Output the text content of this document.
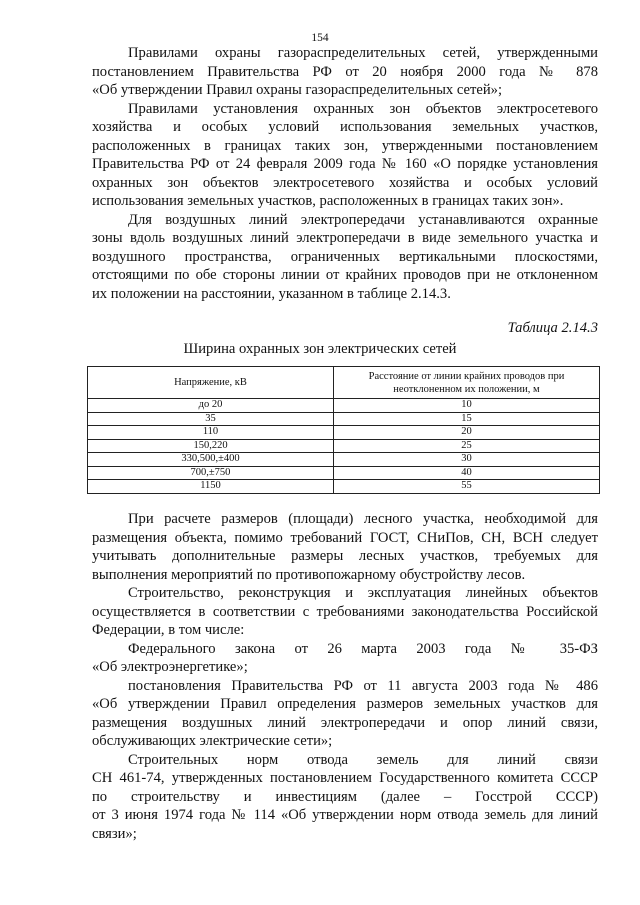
154

Правилами охраны газораспределительных сетей, утвержденными
постановлением Правительства РФ от 20 ноября 2000 года № 878
«Об утверждении Правил охраны газораспределительных сетей»;

Правилами установления охранных зон объектов электросетевого
хозяйства и особых условий использования земельных участков,
расположенных в границах таких зон, утвержденными постановлением
Правительства РФ от 24 февраля 2009 года № 160 «О порядке установления
охранных зон объектов электросетевого хозяйства и особых условий
использования земельных участков, расположенных в границах таких зон».

Для воздушных линий электропередачи устанавливаются охранные
зоны вдоль воздушных линий электропередачи в виде земельного участка и
воздушного пространства, ограниченных вертикальными плоскостями,
отстоящими по обе стороны линии от крайних проводов при не отклоненном
их положении на расстоянии, указанном в таблице 2.14.3.

Таблица 2.14.3
Ширина охранных зон электрических сетей
Напряжение, кВ	Расстояние от линии крайних проводов при неотклоненном их положении, м
до 20	10
35	15
110	20
150,220	25
330,500,±400	30
700,±750	40
1150	55

При расчете размеров (площади) лесного участка, необходимой для
размещения объекта, помимо требований ГОСТ, СНиПов, СН, ВСН следует
учитывать дополнительные размеры лесных участков, требуемых для
выполнения мероприятий по противопожарному обустройству лесов.

Строительство, реконструкция и эксплуатация линейных объектов
осуществляется в соответствии с требованиями законодательства Российской
Федерации, в том числе:

Федерального закона от 26 марта 2003 года № 35-ФЗ
«Об электроэнергетике»;

постановления Правительства РФ от 11 августа 2003 года № 486
«Об утверждении Правил определения размеров земельных участков для
размещения воздушных линий электропередачи и опор линий связи,
обслуживающих электрические сети»;

Строительных норм отвода земель для линий связи
СН 461-74, утвержденных постановлением Государственного комитета СССР
по строительству и инвестициям (далее – Госстрой СССР)
от 3 июня 1974 года № 114 «Об утверждении норм отвода земель для линий
связи»;
